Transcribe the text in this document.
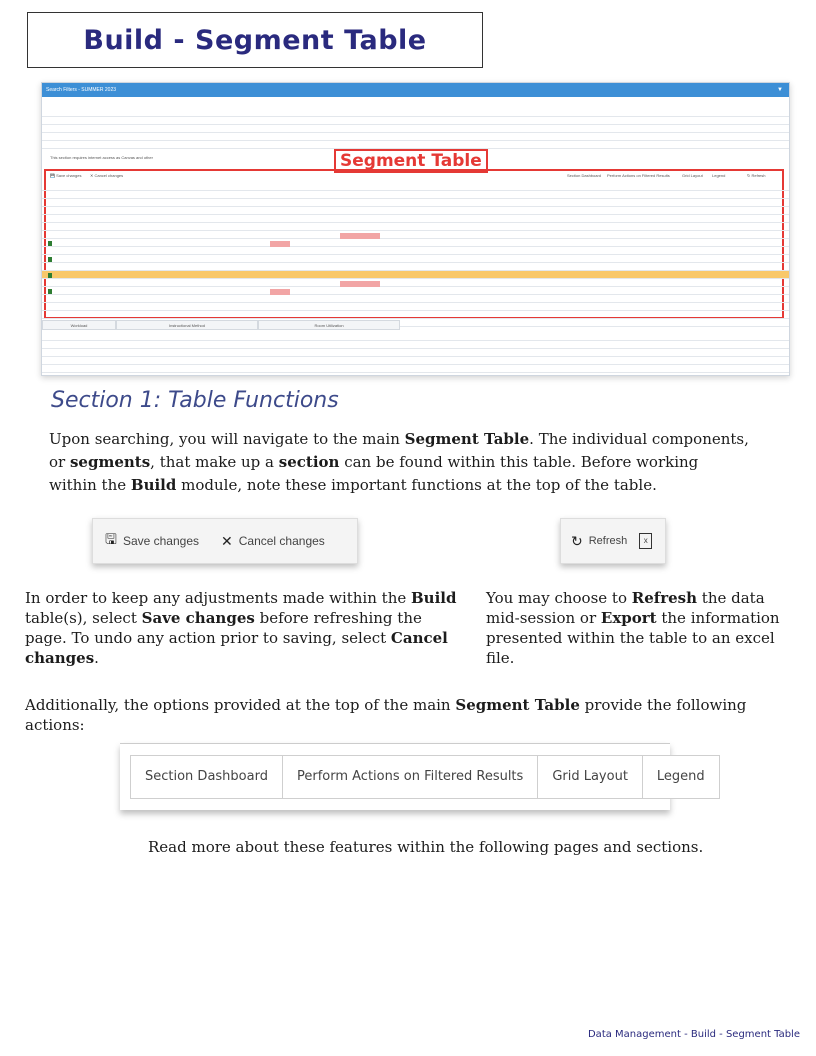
Build - Segment Table
Search Filters - SUMMER 2023	▼
This section requires internet access as Canvas and other	Segment Table
💾 Save changes ✕ Cancel changes	Section Dashboard Perform Actions on Filtered Results	Grid Layout Legend	↻ Refresh
Workload	Instructional Method	Room Utilization
Section 1: Table Functions
Upon searching, you will navigate to the main Segment Table. The individual components, or segments, that make up a section can be found within this table. Before working within the Build module, note these important functions at the top of the table.
🖫 Save changes ✕ Cancel changes	↻ Refresh	x
In order to keep any adjustments made within the Build table(s), select Save changes before refreshing the page. To undo any action prior to saving, select Cancel changes.
You may choose to Refresh the data mid-session or Export the information presented within the table to an excel file.
Additionally, the options provided at the top of the main Segment Table provide the following actions:
Section Dashboard	Perform Actions on Filtered Results	Grid Layout	Legend
Read more about these features within the following pages and sections.
Data Management - Build - Segment Table
